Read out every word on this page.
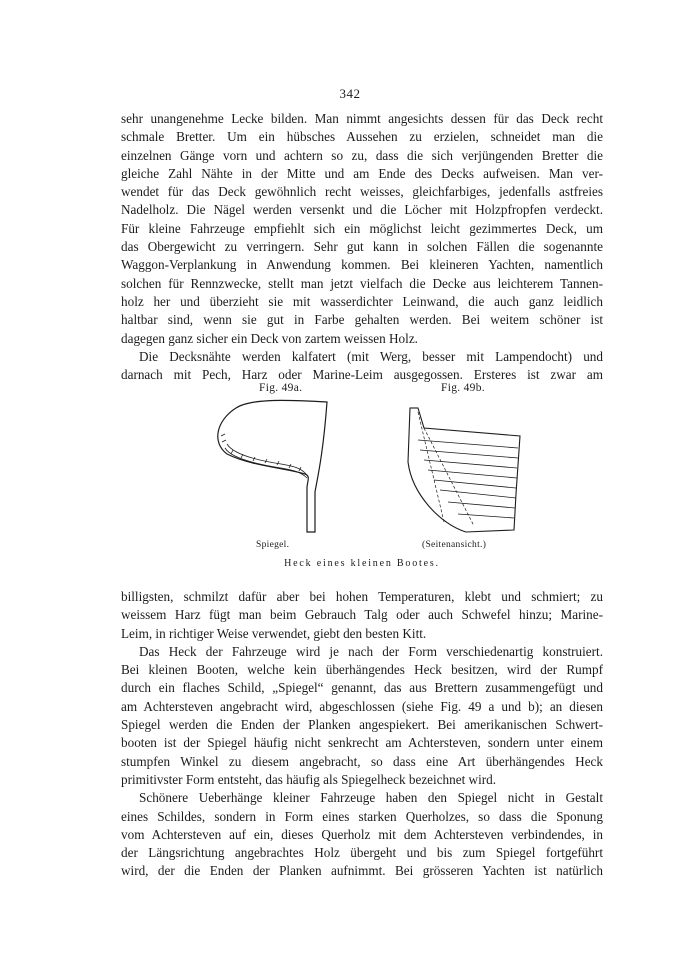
342

sehr unangenehme Lecke bilden. Man nimmt angesichts dessen für das Deck recht
schmale Bretter. Um ein hübsches Aussehen zu erzielen, schneidet man die
einzelnen Gänge vorn und achtern so zu, dass die sich verjüngenden Bretter die
gleiche Zahl Nähte in der Mitte und am Ende des Decks aufweisen. Man ver-
wendet für das Deck gewöhnlich recht weisses, gleichfarbiges, jedenfalls astfreies
Nadelholz. Die Nägel werden versenkt und die Löcher mit Holzpfropfen verdeckt.
Für kleine Fahrzeuge empfiehlt sich ein möglichst leicht gezimmertes Deck, um
das Obergewicht zu verringern. Sehr gut kann in solchen Fällen die sogenannte
Waggon-Verplankung in Anwendung kommen. Bei kleineren Yachten, namentlich
solchen für Rennzwecke, stellt man jetzt vielfach die Decke aus leichterem Tannen-
holz her und überzieht sie mit wasserdichter Leinwand, die auch ganz leidlich
haltbar sind, wenn sie gut in Farbe gehalten werden. Bei weitem schöner ist
dagegen ganz sicher ein Deck von zartem weissen Holz.

Die Decksnähte werden kalfatert (mit Werg, besser mit Lampendocht) und
darnach mit Pech, Harz oder Marine-Leim ausgegossen. Ersteres ist zwar am

Fig. 49a.	Fig. 49b.
Spiegel.	(Seitenansicht.)
Heck eines kleinen Bootes.

billigsten, schmilzt dafür aber bei hohen Temperaturen, klebt und schmiert; zu
weissem Harz fügt man beim Gebrauch Talg oder auch Schwefel hinzu; Marine-
Leim, in richtiger Weise verwendet, giebt den besten Kitt.

Das Heck der Fahrzeuge wird je nach der Form verschiedenartig konstruiert.
Bei kleinen Booten, welche kein überhängendes Heck besitzen, wird der Rumpf
durch ein flaches Schild, „Spiegel“ genannt, das aus Brettern zusammengefügt und
am Achtersteven angebracht wird, abgeschlossen (siehe Fig. 49 a und b); an diesen
Spiegel werden die Enden der Planken angespiekert. Bei amerikanischen Schwert-
booten ist der Spiegel häufig nicht senkrecht am Achtersteven, sondern unter einem
stumpfen Winkel zu diesem angebracht, so dass eine Art überhängendes Heck
primitivster Form entsteht, das häufig als Spiegelheck bezeichnet wird.

Schönere Ueberhänge kleiner Fahrzeuge haben den Spiegel nicht in Gestalt
eines Schildes, sondern in Form eines starken Querholzes, so dass die Sponung
vom Achtersteven auf ein, dieses Querholz mit dem Achtersteven verbindendes, in
der Längsrichtung angebrachtes Holz übergeht und bis zum Spiegel fortgeführt
wird, der die Enden der Planken aufnimmt. Bei grösseren Yachten ist natürlich
